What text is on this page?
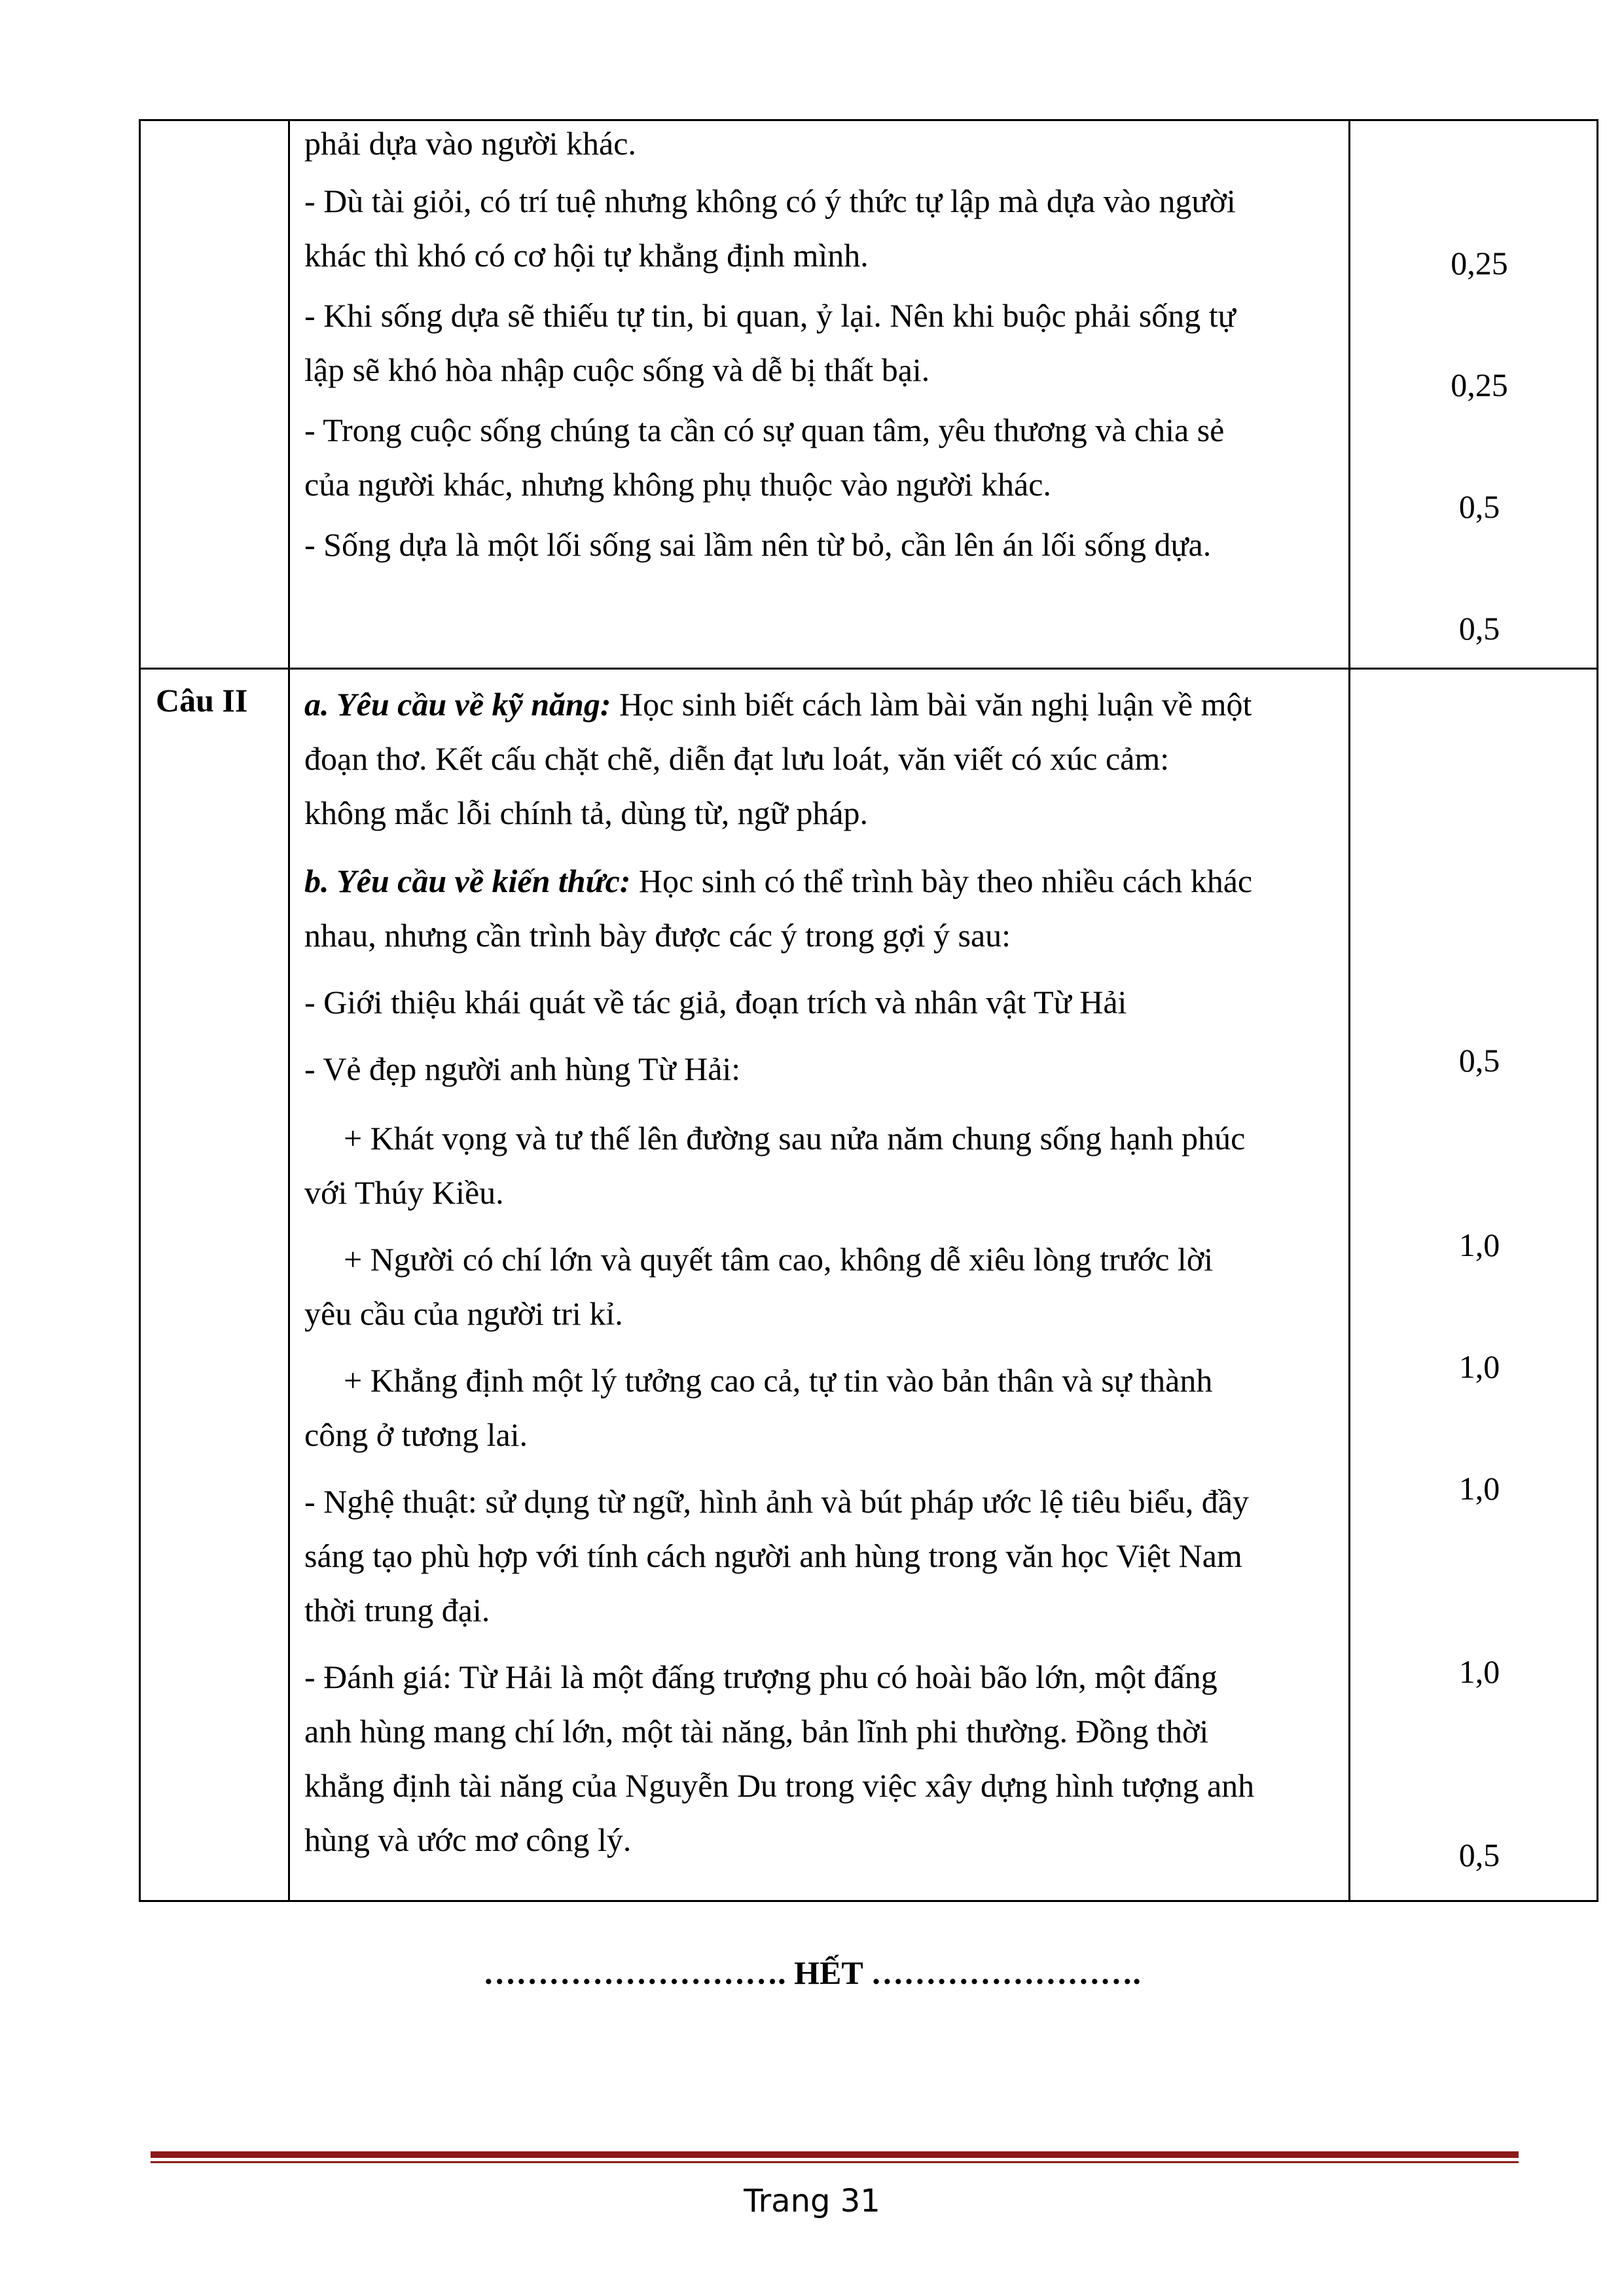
phải dựa vào người khác.
- Dù tài giỏi, có trí tuệ nhưng không có ý thức tự lập mà dựa vào người
khác thì khó có cơ hội tự khẳng định mình.
- Khi sống dựa sẽ thiếu tự tin, bi quan, ỷ lại. Nên khi buộc phải sống tự
lập sẽ khó hòa nhập cuộc sống và dễ bị thất bại.
- Trong cuộc sống chúng ta cần có sự quan tâm, yêu thương và chia sẻ
của người khác, nhưng không phụ thuộc vào người khác.
- Sống dựa là một lối sống sai lầm nên từ bỏ, cần lên án lối sống dựa.
0,25
0,25
0,5
0,5
Câu II a. Yêu cầu về kỹ năng: Học sinh biết cách làm bài văn nghị luận về một
đoạn thơ. Kết cấu chặt chẽ, diễn đạt lưu loát, văn viết có xúc cảm:
không mắc lỗi chính tả, dùng từ, ngữ pháp.
b. Yêu cầu về kiến thức: Học sinh có thể trình bày theo nhiều cách khác
nhau, nhưng cần trình bày được các ý trong gợi ý sau:
- Giới thiệu khái quát về tác giả, đoạn trích và nhân vật Từ Hải
- Vẻ đẹp người anh hùng Từ Hải:
+ Khát vọng và tư thế lên đường sau nửa năm chung sống hạnh phúc
với Thúy Kiều.
+ Người có chí lớn và quyết tâm cao, không dễ xiêu lòng trước lời
yêu cầu của người tri kỉ.
+ Khẳng định một lý tưởng cao cả, tự tin vào bản thân và sự thành
công ở tương lai.
- Nghệ thuật: sử dụng từ ngữ, hình ảnh và bút pháp ước lệ tiêu biểu, đầy
sáng tạo phù hợp với tính cách người anh hùng trong văn học Việt Nam
thời trung đại.
- Đánh giá: Từ Hải là một đấng trượng phu có hoài bão lớn, một đấng
anh hùng mang chí lớn, một tài năng, bản lĩnh phi thường. Đồng thời
khẳng định tài năng của Nguyễn Du trong việc xây dựng hình tượng anh
hùng và ước mơ công lý.
0,5
1,0
1,0
1,0
1,0
0,5
………………………. HẾT …………………….
Trang 31
